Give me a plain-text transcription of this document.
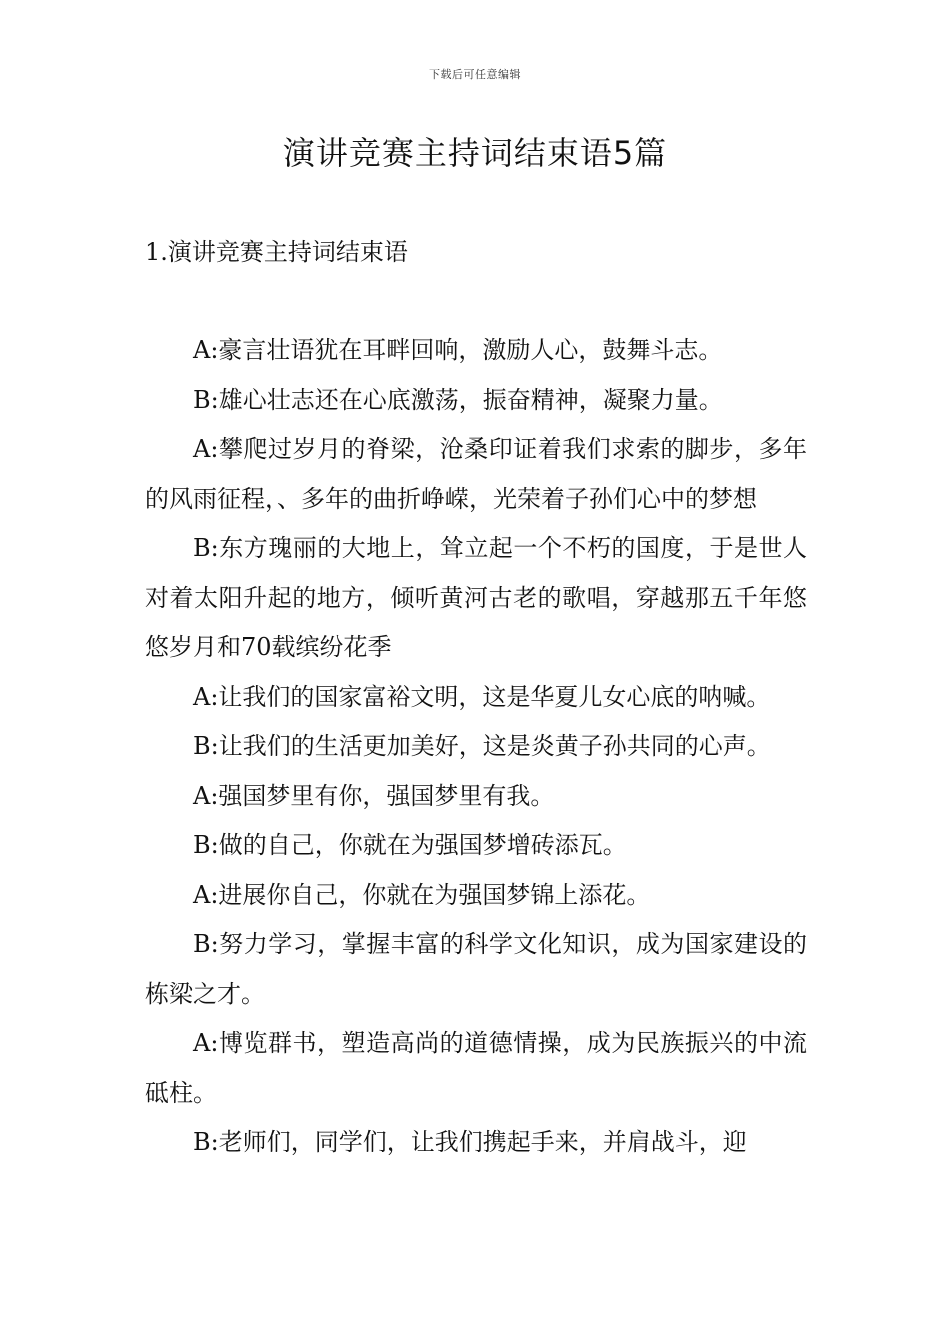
下载后可任意编辑
演讲竞赛主持词结束语5篇
1.演讲竞赛主持词结束语

A:豪言壮语犹在耳畔回响，激励人心，鼓舞斗志。

B:雄心壮志还在心底激荡，振奋精神，凝聚力量。

A:攀爬过岁月的脊梁，沧桑印证着我们求索的脚步，多年的风雨征程，、多年的曲折峥嵘，光荣着子孙们心中的梦想

B:东方瑰丽的大地上，耸立起一个不朽的国度，于是世人对着太阳升起的地方，倾听黄河古老的歌唱，穿越那五千年悠悠岁月和70载缤纷花季

A:让我们的国家富裕文明，这是华夏儿女心底的呐喊。

B:让我们的生活更加美好，这是炎黄子孙共同的心声。

A:强国梦里有你，强国梦里有我。

B:做的自己，你就在为强国梦增砖添瓦。

A:进展你自己，你就在为强国梦锦上添花。

B:努力学习，掌握丰富的科学文化知识，成为国家建设的栋梁之才。

A:博览群书，塑造高尚的道德情操，成为民族振兴的中流砥柱。

B:老师们，同学们，让我们携起手来，并肩战斗，迎
